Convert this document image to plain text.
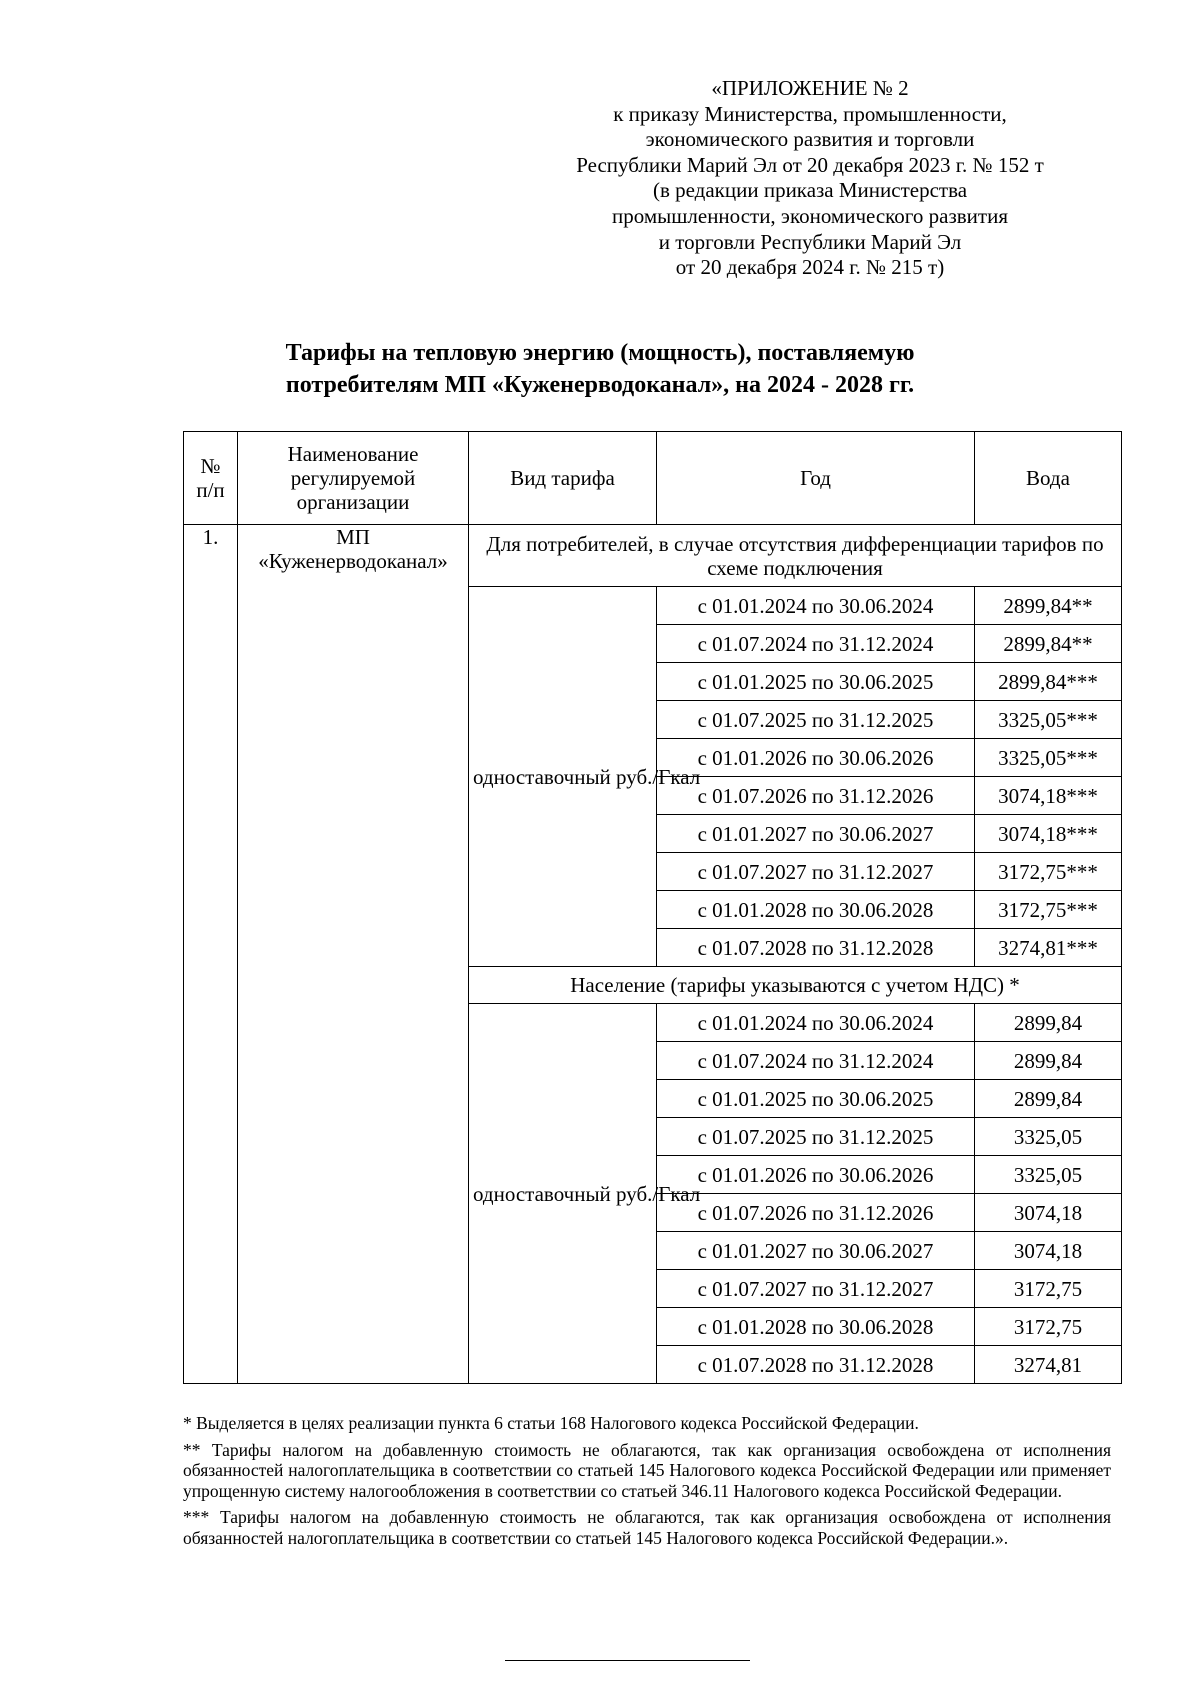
«ПРИЛОЖЕНИЕ № 2
к приказу Министерства, промышленности,
экономического развития и торговли
Республики Марий Эл от 20 декабря 2023 г. № 152 т
(в редакции приказа Министерства
промышленности, экономического развития
и торговли Республики Марий Эл
от 20 декабря 2024 г. № 215 т)
Тарифы на тепловую энергию (мощность), поставляемую
потребителям МП «Куженерводоканал», на 2024 - 2028 гг.
№
п/п	Наименование регулируемой организации	Вид тарифа	Год	Вода
1.	МП «Куженерводоканал»	Для потребителей, в случае отсутствия дифференциации тарифов по схеме подключения		
		одноставочный руб./Гкал	с 01.01.2024 по 30.06.2024	2899,84**
			с 01.07.2024 по 31.12.2024	2899,84**
			с 01.01.2025 по 30.06.2025	2899,84***
			с 01.07.2025 по 31.12.2025	3325,05***
			с 01.01.2026 по 30.06.2026	3325,05***
			с 01.07.2026 по 31.12.2026	3074,18***
			с 01.01.2027 по 30.06.2027	3074,18***
			с 01.07.2027 по 31.12.2027	3172,75***
			с 01.01.2028 по 30.06.2028	3172,75***
			с 01.07.2028 по 31.12.2028	3274,81***
		Население (тарифы указываются с учетом НДС) *		
		одноставочный руб./Гкал	с 01.01.2024 по 30.06.2024	2899,84
			с 01.07.2024 по 31.12.2024	2899,84
			с 01.01.2025 по 30.06.2025	2899,84
			с 01.07.2025 по 31.12.2025	3325,05
			с 01.01.2026 по 30.06.2026	3325,05
			с 01.07.2026 по 31.12.2026	3074,18
			с 01.01.2027 по 30.06.2027	3074,18
			с 01.07.2027 по 31.12.2027	3172,75
			с 01.01.2028 по 30.06.2028	3172,75
			с 01.07.2028 по 31.12.2028	3274,81

* Выделяется в целях реализации пункта 6 статьи 168 Налогового кодекса Российской Федерации.

** Тарифы налогом на добавленную стоимость не облагаются, так как организация освобождена от исполнения обязанностей налогоплательщика в соответствии со статьей 145 Налогового кодекса Российской Федерации или применяет упрощенную систему налогообложения в соответствии со статьей 346.11 Налогового кодекса Российской Федерации.

*** Тарифы налогом на добавленную стоимость не облагаются, так как организация освобождена от исполнения обязанностей налогоплательщика в соответствии со статьей 145 Налогового кодекса Российской Федерации.».
